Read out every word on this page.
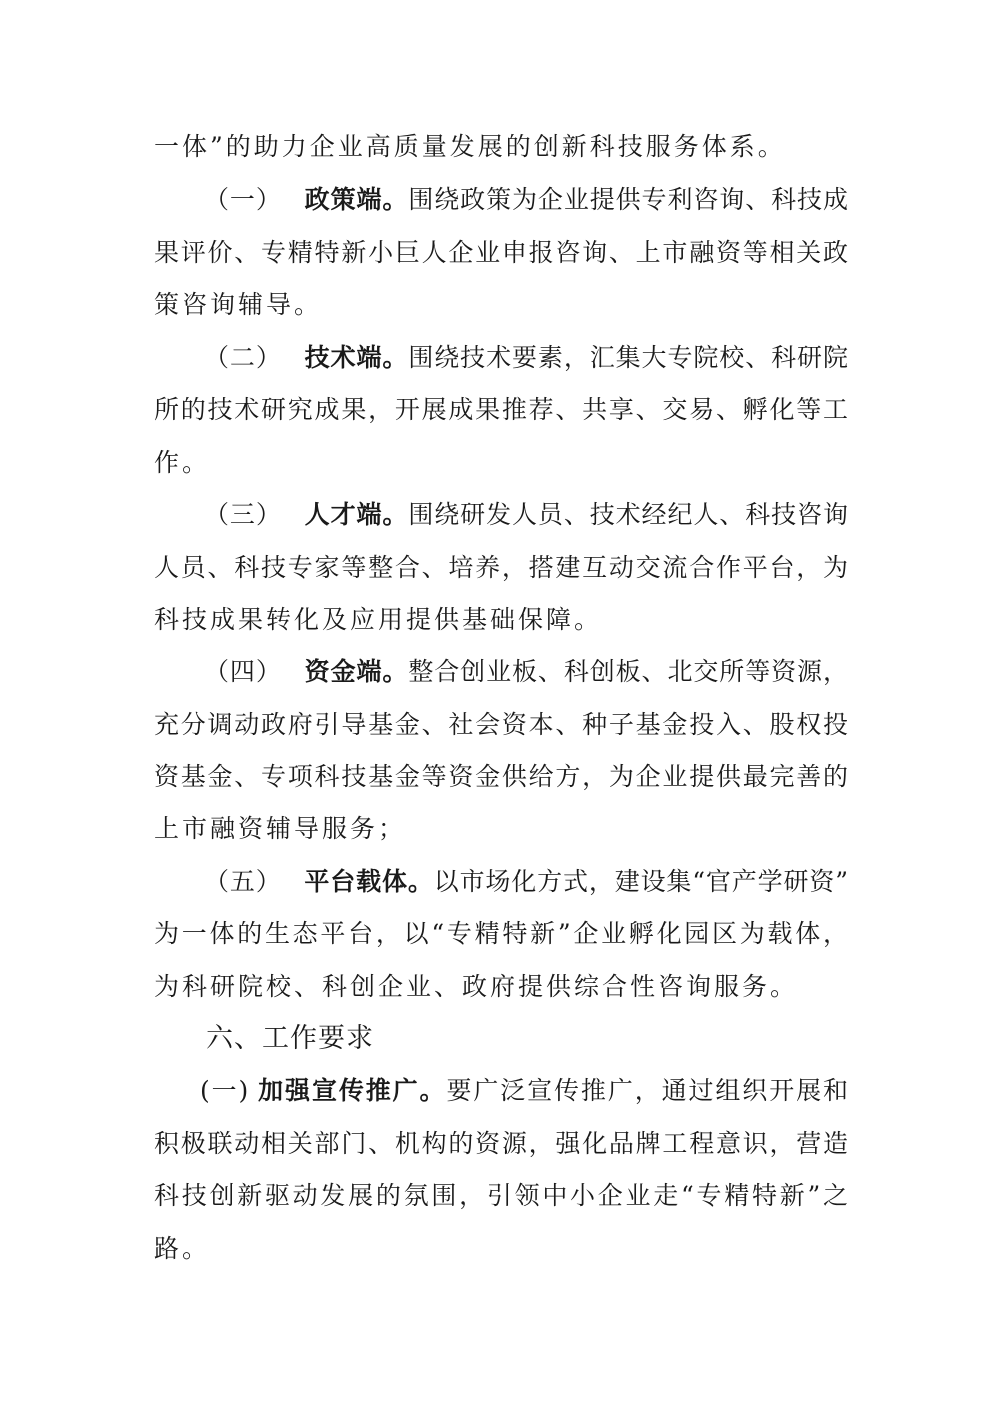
一体”的助力企业高质量发展的创新科技服务体系。
（一） 政策端。围绕政策为企业提供专利咨询、科技成
果评价、专精特新小巨人企业申报咨询、上市融资等相关政
策咨询辅导。
（二） 技术端。围绕技术要素，汇集大专院校、科研院
所的技术研究成果，开展成果推荐、共享、交易、孵化等工
作。
（三） 人才端。围绕研发人员、技术经纪人、科技咨询
人员、科技专家等整合、培养，搭建互动交流合作平台，为
科技成果转化及应用提供基础保障。
（四） 资金端。整合创业板、科创板、北交所等资源，
充分调动政府引导基金、社会资本、种子基金投入、股权投
资基金、专项科技基金等资金供给方，为企业提供最完善的
上市融资辅导服务；
（五） 平台载体。以市场化方式，建设集“官产学研资”
为一体的生态平台，以“专精特新”企业孵化园区为载体，
为科研院校、科创企业、政府提供综合性咨询服务。
六、工作要求
(一) 加强宣传推广。要广泛宣传推广，通过组织开展和
积极联动相关部门、机构的资源，强化品牌工程意识，营造
科技创新驱动发展的氛围，引领中小企业走“专精特新”之
路。
